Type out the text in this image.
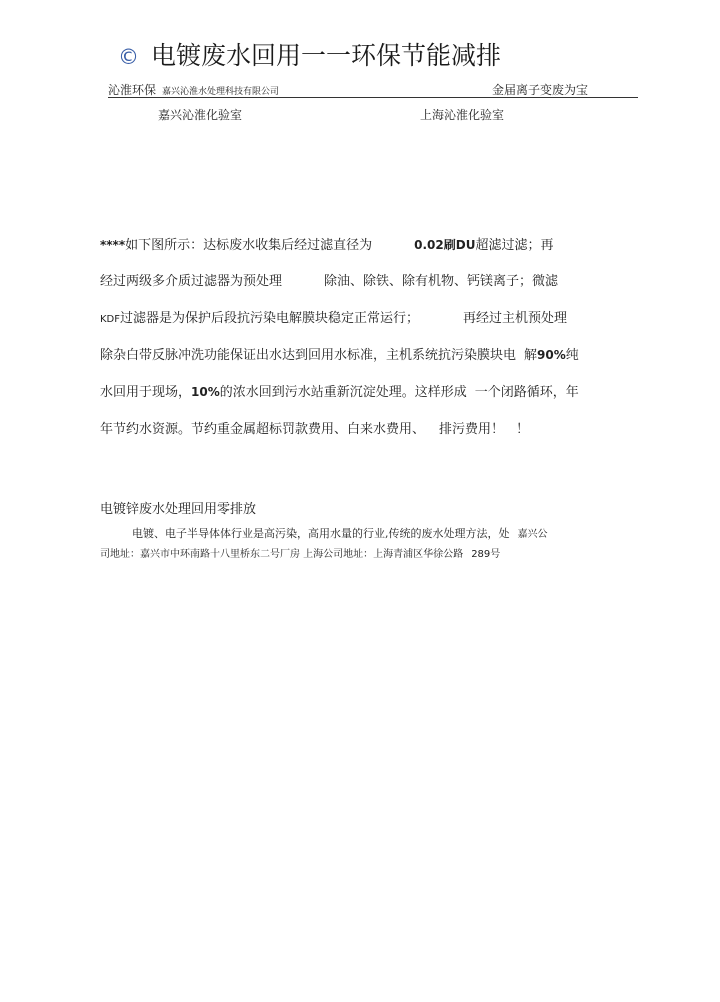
© 电镀废水回用一一环保节能减排
沁淮环保 嘉兴沁淮水处理科技有限公司	金届离子变废为宝
嘉兴沁淮化验室	上海沁淮化验室
****如下图所示：达标废水收集后经过滤直径为	0.02刷DU超滤过滤；再
经过两级多介质过滤器为预处理	除油、除铁、除有机物、钙镁离子；微滤
KDF过滤器是为保护后段抗污染电解膜块稳定正常运行；	再经过主机预处理
除杂白带反脉冲洗功能保证出水达到回用水标准，主机系统抗污染膜块电 解90%纯
水回用于现场，10%的浓水回到污水站重新沉淀处理。这样形成 一个闭路循环，年
年节约水资源。节约重金属超标罚款费用、白来水费用、 排污费用！ ！
电镀锌废水处理回用零排放
电镀、电子半导体体行业是高污染，高用水量的行业,传统的废水处理方法，处 嘉兴公
司地址：嘉兴市中环南路十八里桥东二号厂房 上海公司地址：上海青浦区华徐公路 289号
